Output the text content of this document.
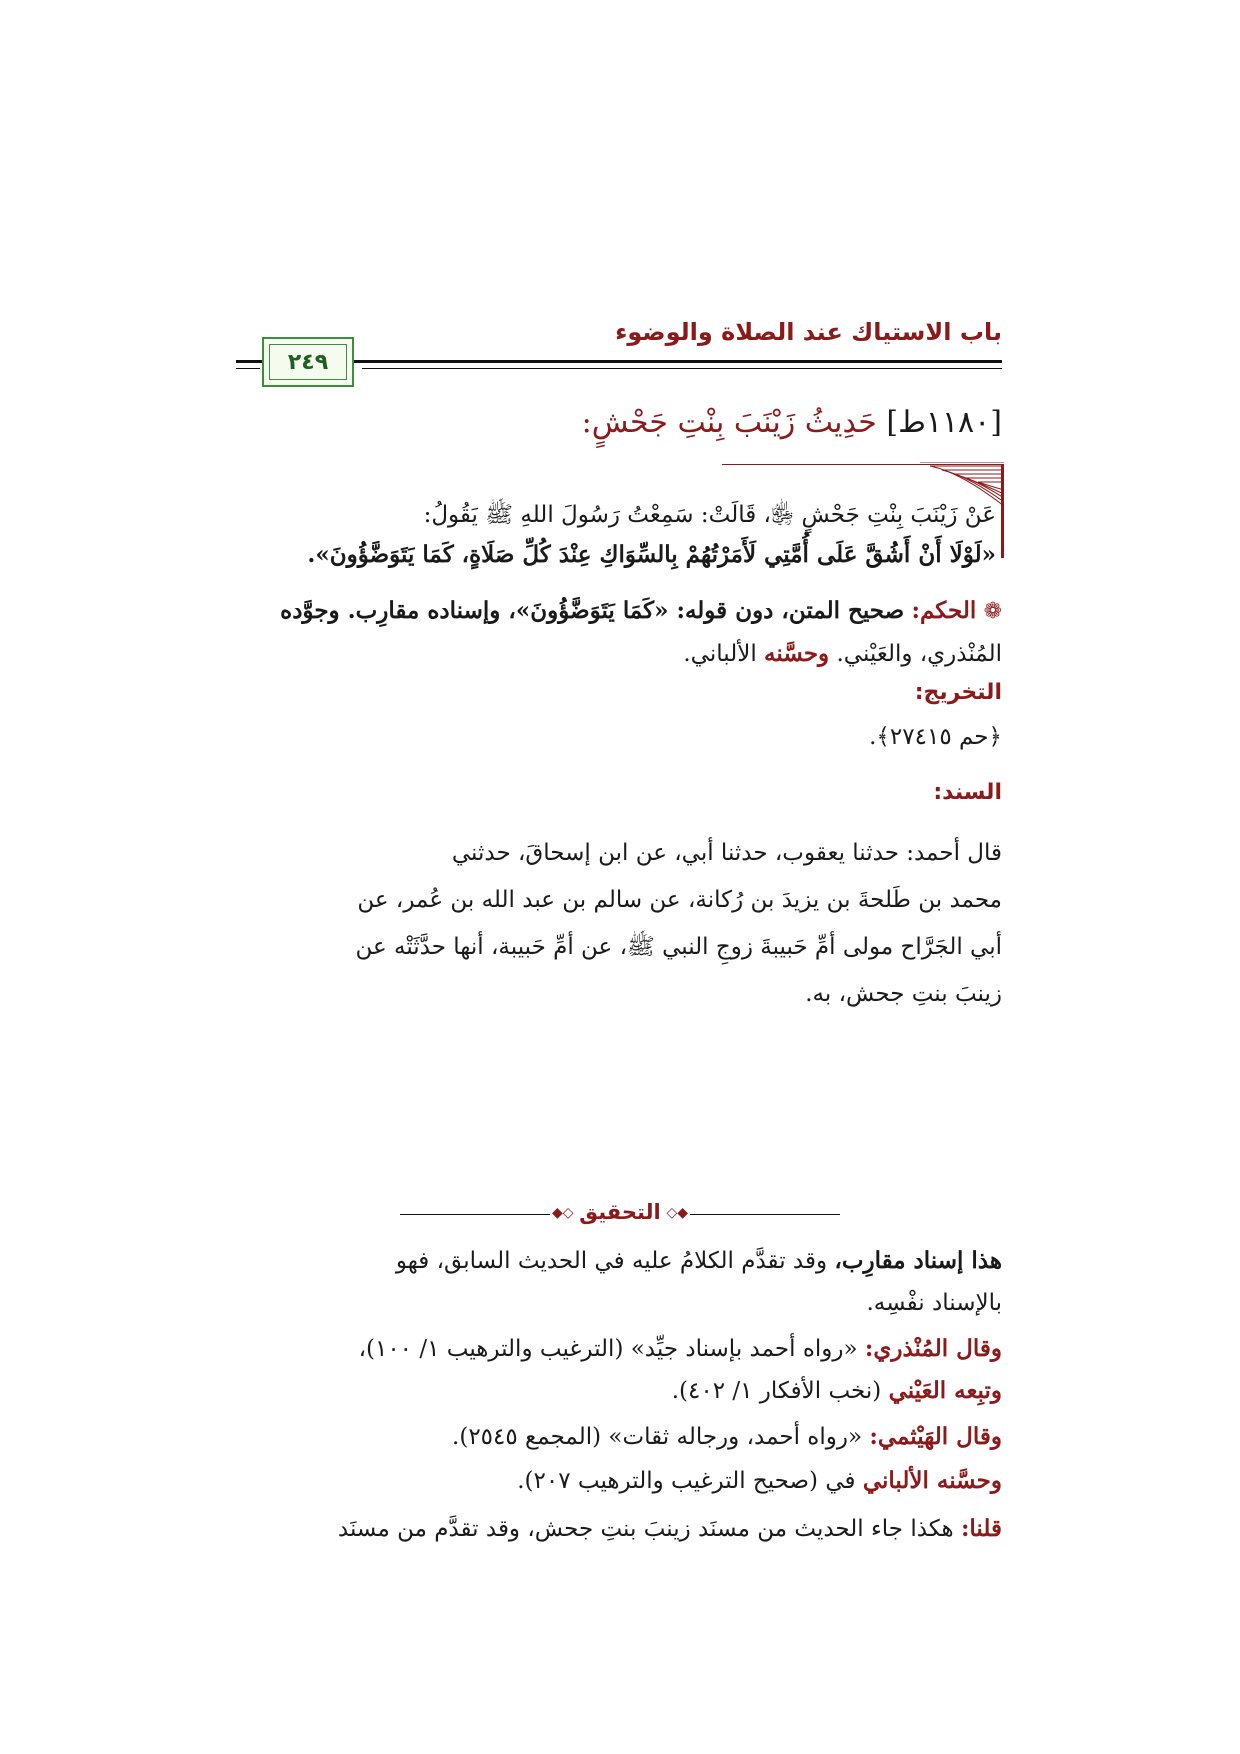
باب الاستياك عند الصلاة والوضوء
٢٤٩
[١١٨٠ط] حَدِيثُ زَيْنَبَ بِنْتِ جَحْشٍ:
عَنْ زَيْنَبَ بِنْتِ جَحْشٍ ﵂، قَالَتْ: سَمِعْتُ رَسُولَ اللهِ ﷺ يَقُولُ:
«لَوْلَا أَنْ أَشُقَّ عَلَى أُمَّتِي لَأَمَرْتُهُمْ بِالسِّوَاكِ عِنْدَ كُلِّ صَلَاةٍ، كَمَا يَتَوَضَّؤُونَ».
❁ الحكم: صحيح المتن، دون قوله: «كَمَا يَتَوَضَّؤُونَ»، وإسناده مقارِب. وجوَّده
المُنْذري، والعَيْني. وحسَّنه الألباني.
التخريج:
﴿حم ٢٧٤١٥﴾.
السند:
قال أحمد: حدثنا يعقوب، حدثنا أبي، عن ابن إسحاقَ، حدثني
محمد بن طَلحةَ بن يزيدَ بن رُكانة، عن سالم بن عبد الله بن عُمر، عن
أبي الجَرَّاح مولى أمِّ حَبيبةَ زوجِ النبي ﷺ، عن أمِّ حَبيبة، أنها حدَّثَتْه عن
زينبَ بنتِ جحش، به.
◆◇	◇◆
التحقيق
هذا إسناد مقارِب، وقد تقدَّم الكلامُ عليه في الحديث السابق، فهو
بالإسناد نفْسِه.
وقال المُنْذري: «رواه أحمد بإسناد جيِّد» (الترغيب والترهيب ١/ ١٠٠)،
وتبِعه العَيْني (نخب الأفكار ١/ ٤٠٢).
وقال الهَيْثمي: «رواه أحمد، ورجاله ثقات» (المجمع ٢٥٤٥).
وحسَّنه الألباني في (صحيح الترغيب والترهيب ٢٠٧).
قلنا: هكذا جاء الحديث من مسنَد زينبَ بنتِ جحش، وقد تقدَّم من مسنَد
